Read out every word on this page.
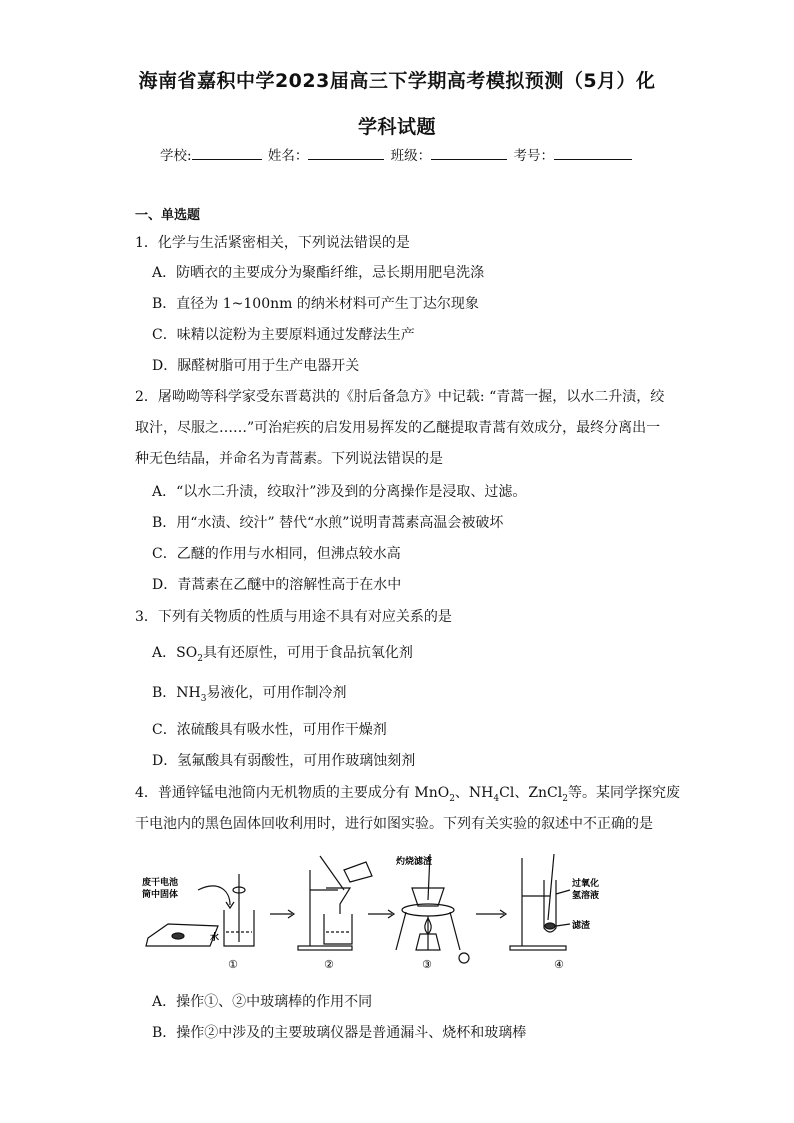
海南省嘉积中学2023届高三下学期高考模拟预测（5月）化
学科试题
学校:	姓名：	班级：	考号：
一、单选题
1．化学与生活紧密相关，下列说法错误的是
A．防晒衣的主要成分为聚酯纤维，忌长期用肥皂洗涤
B．直径为 1~100nm 的纳米材料可产生丁达尔现象
C．味精以淀粉为主要原料通过发酵法生产
D．脲醛树脂可用于生产电器开关
2．屠呦呦等科学家受东晋葛洪的《肘后备急方》中记载: “青蒿一握，以水二升渍，绞
取汁，尽服之……”可治疟疾的启发用易挥发的乙醚提取青蒿有效成分，最终分离出一
种无色结晶，并命名为青蒿素。下列说法错误的是
A．“以水二升渍，绞取汁”涉及到的分离操作是浸取、过滤。
B．用“水渍、绞汁” 替代“水煎”说明青蒿素高温会被破坏
C．乙醚的作用与水相同，但沸点较水高
D．青蒿素在乙醚中的溶解性高于在水中
3．下列有关物质的性质与用途不具有对应关系的是
A．$SO_2$具有还原性，可用于食品抗氧化剂
B．$NH_3$易液化，可用作制冷剂
C．浓硫酸具有吸水性，可用作干燥剂
D．氢氟酸具有弱酸性，可用作玻璃蚀刻剂
4．普通锌锰电池筒内无机物质的主要成分有 MnO$_2$、$NH_4Cl$、ZnCl$_2$等。某同学探究废
干电池内的黑色固体回收利用时，进行如图实验。下列有关实验的叙述中不正确的是
废干电池
筒中固体
水
①	②
灼烧滤渣
③
过氧化
氢溶液
滤渣
④
A．操作①、②中玻璃棒的作用不同
B．操作②中涉及的主要玻璃仪器是普通漏斗、烧杯和玻璃棒
